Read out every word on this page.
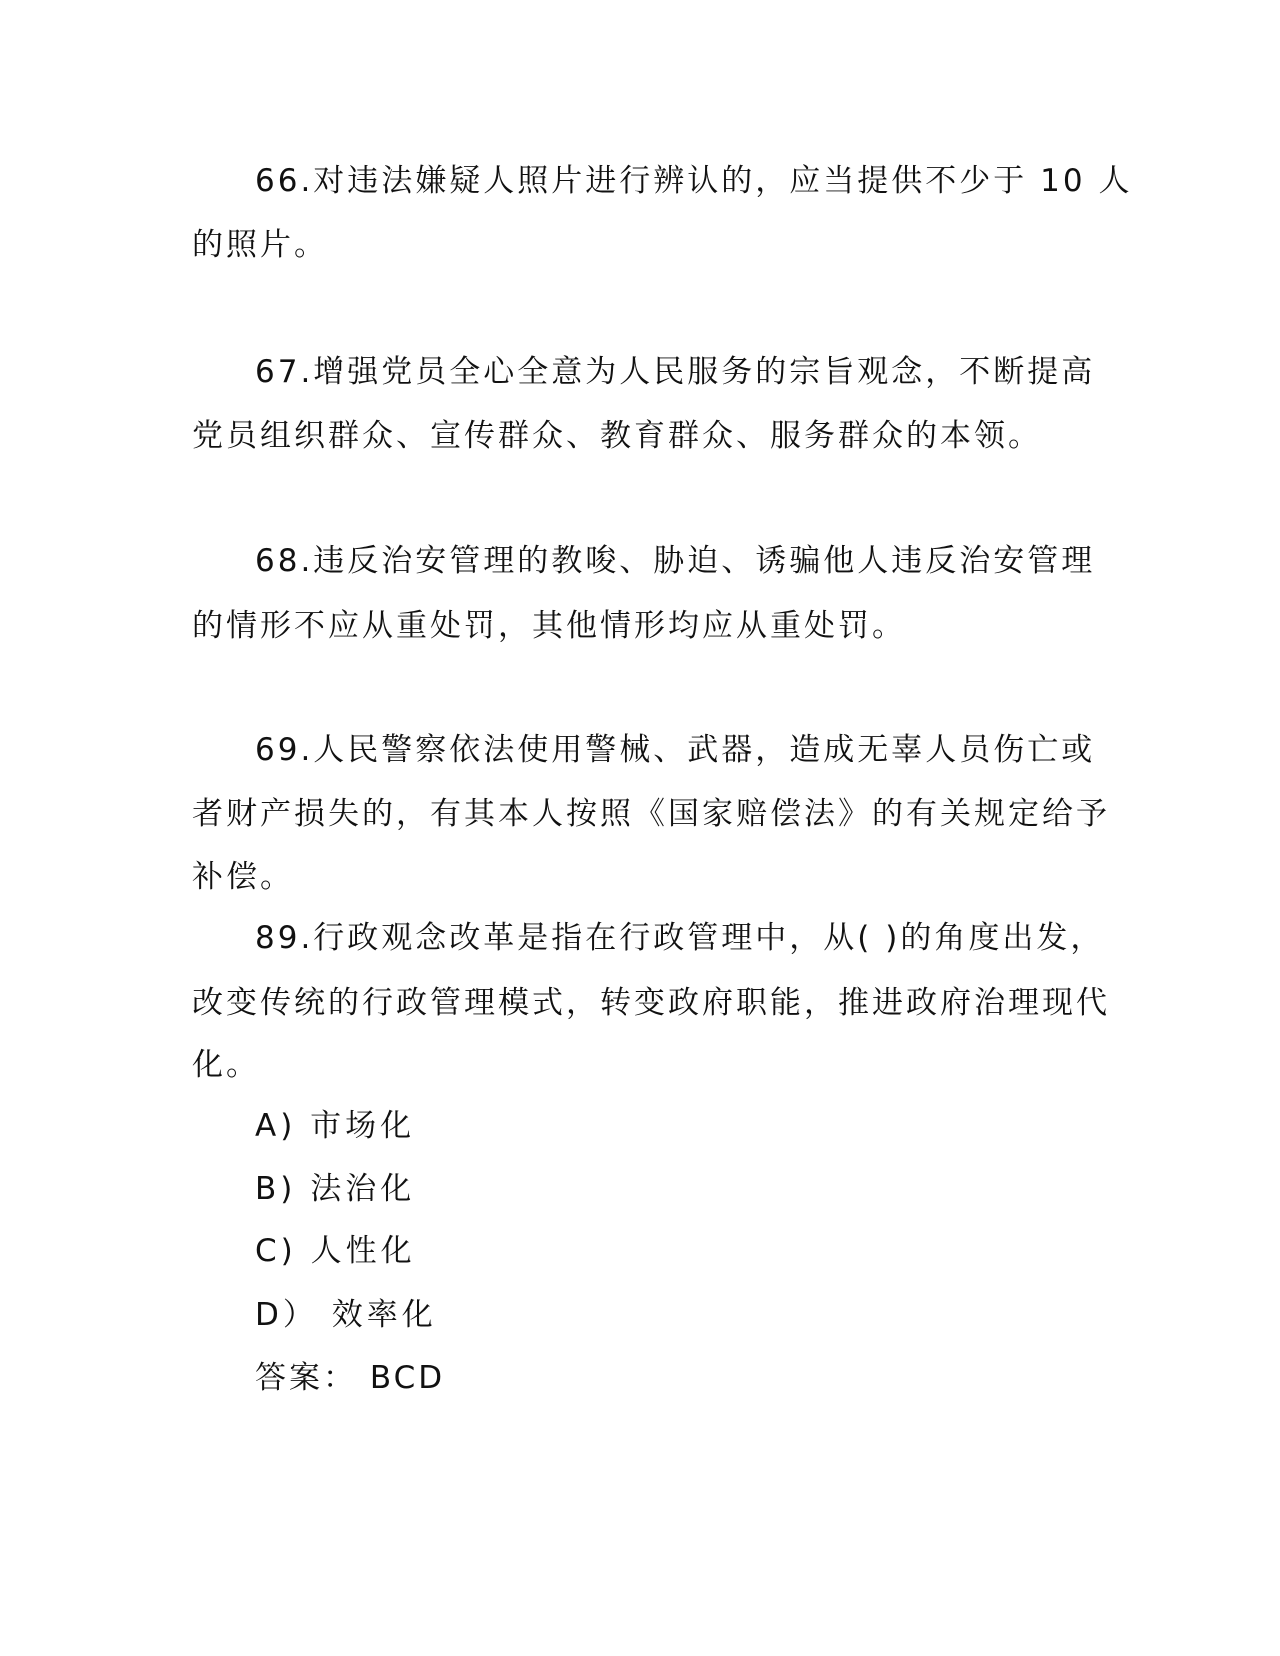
66.对违法嫌疑人照片进行辨认的，应当提供不少于 10 人
的照片。
67.增强党员全心全意为人民服务的宗旨观念，不断提高
党员组织群众、宣传群众、教育群众、服务群众的本领。
68.违反治安管理的教唆、胁迫、诱骗他人违反治安管理
的情形不应从重处罚，其他情形均应从重处罚。
69.人民警察依法使用警械、武器，造成无辜人员伤亡或
者财产损失的，有其本人按照《国家赔偿法》的有关规定给予
补偿。
89.行政观念改革是指在行政管理中，从( )的角度出发，
改变传统的行政管理模式，转变政府职能，推进政府治理现代
化。
A) 市场化
B) 法治化
C) 人性化
D） 效率化
答案： BCD
